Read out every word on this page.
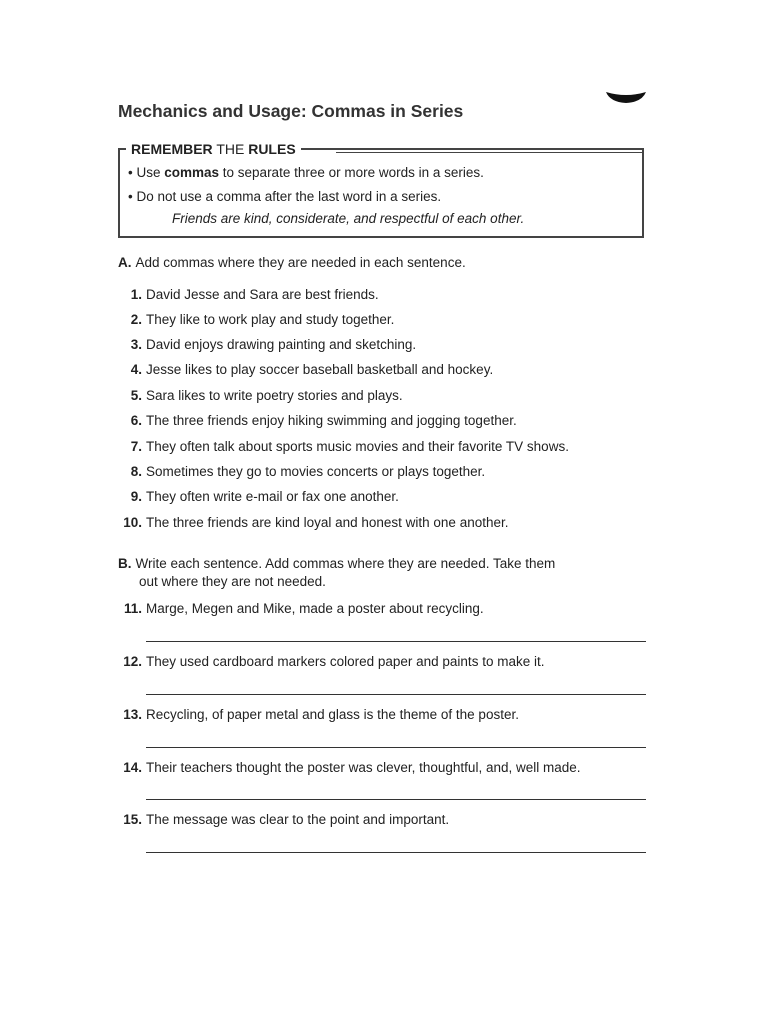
Mechanics and Usage: Commas in Series
REMEMBER THE RULES
• Use commas to separate three or more words in a series.
• Do not use a comma after the last word in a series.
Friends are kind, considerate, and respectful of each other.
A. Add commas where they are needed in each sentence.
1. David Jesse and Sara are best friends.
2. They like to work play and study together.
3. David enjoys drawing painting and sketching.
4. Jesse likes to play soccer baseball basketball and hockey.
5. Sara likes to write poetry stories and plays.
6. The three friends enjoy hiking swimming and jogging together.
7. They often talk about sports music movies and their favorite TV shows.
8. Sometimes they go to movies concerts or plays together.
9. They often write e-mail or fax one another.
10. The three friends are kind loyal and honest with one another.
B. Write each sentence. Add commas where they are needed. Take them
out where they are not needed.
11. Marge, Megen and Mike, made a poster about recycling.
12. They used cardboard markers colored paper and paints to make it.
13. Recycling, of paper metal and glass is the theme of the poster.
14. Their teachers thought the poster was clever, thoughtful, and, well made.
15. The message was clear to the point and important.
